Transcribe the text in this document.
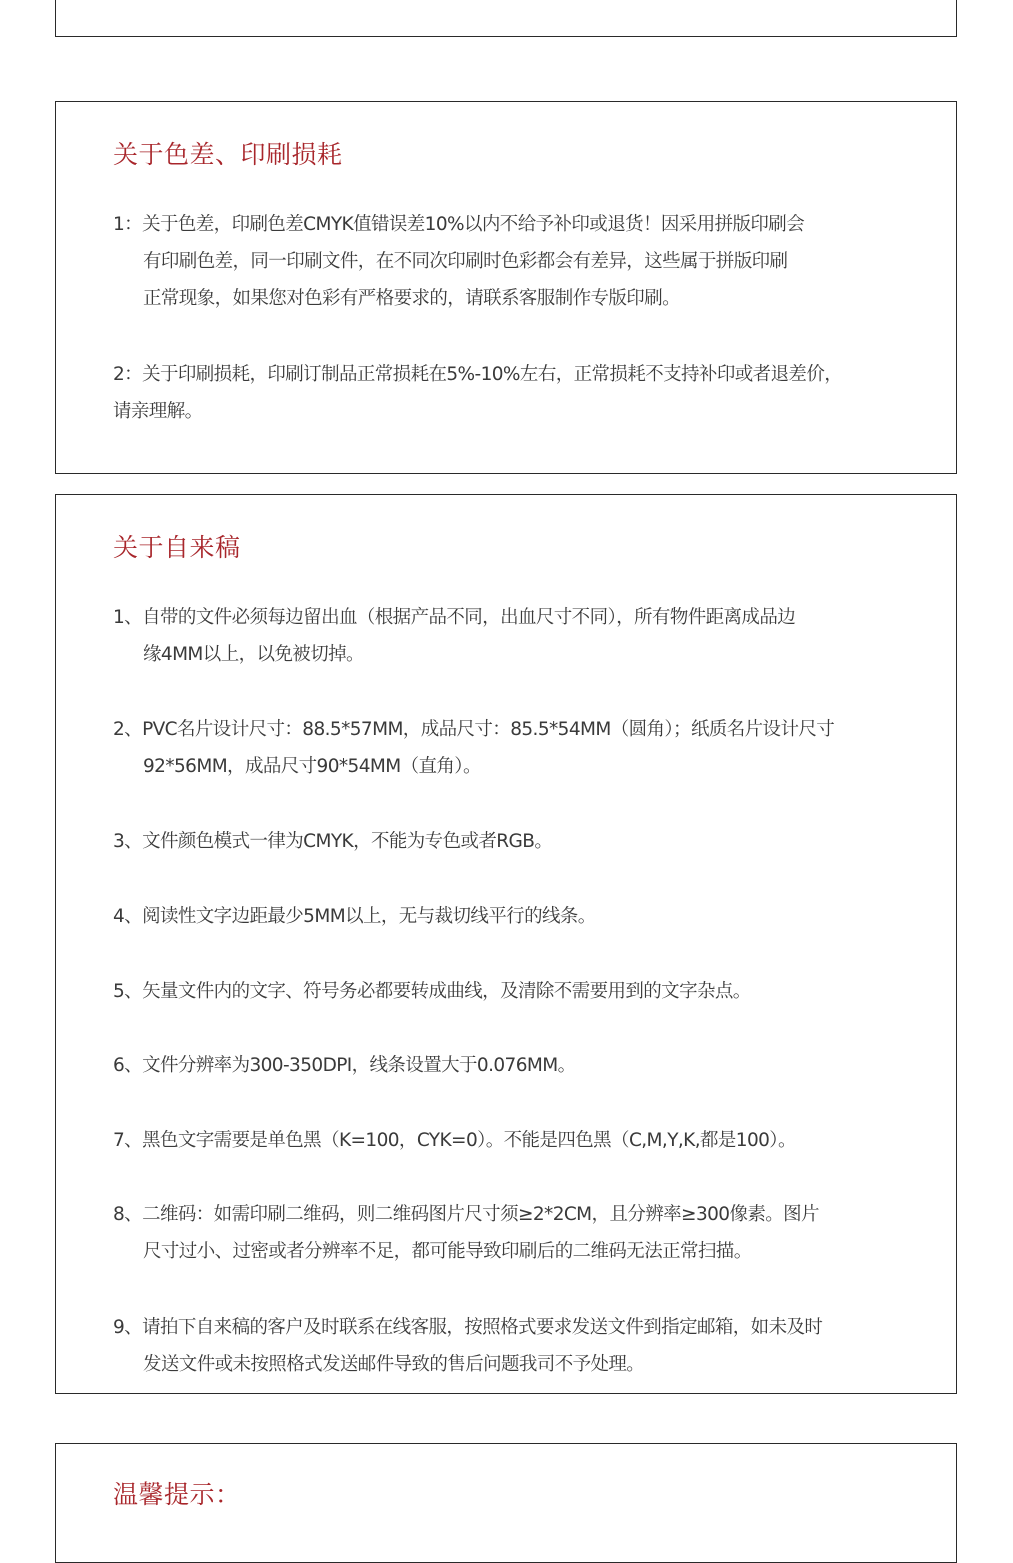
关于色差、印刷损耗

1：关于色差，印刷色差CMYK值错误差10%以内不给予补印或退货！因采用拼版印刷会
有印刷色差，同一印刷文件，在不同次印刷时色彩都会有差异，这些属于拼版印刷
正常现象，如果您对色彩有严格要求的，请联系客服制作专版印刷。

2：关于印刷损耗，印刷订制品正常损耗在5%-10%左右，正常损耗不支持补印或者退差价，
请亲理解。

关于自来稿

1、自带的文件必须每边留出血（根据产品不同，出血尺寸不同），所有物件距离成品边
缘4MM以上，以免被切掉。

2、PVC名片设计尺寸：88.5*57MM，成品尺寸：85.5*54MM（圆角）；纸质名片设计尺寸
92*56MM，成品尺寸90*54MM（直角）。

3、文件颜色模式一律为CMYK，不能为专色或者RGB。

4、阅读性文字边距最少5MM以上，无与裁切线平行的线条。

5、矢量文件内的文字、符号务必都要转成曲线，及清除不需要用到的文字杂点。

6、文件分辨率为300-350DPI，线条设置大于0.076MM。

7、黑色文字需要是单色黑（K=100，CYK=0）。不能是四色黑（C,M,Y,K,都是100）。

8、二维码：如需印刷二维码，则二维码图片尺寸须≥2*2CM，且分辨率≥300像素。图片
尺寸过小、过密或者分辨率不足，都可能导致印刷后的二维码无法正常扫描。

9、请拍下自来稿的客户及时联系在线客服，按照格式要求发送文件到指定邮箱，如未及时
发送文件或未按照格式发送邮件导致的售后问题我司不予处理。

温馨提示：
